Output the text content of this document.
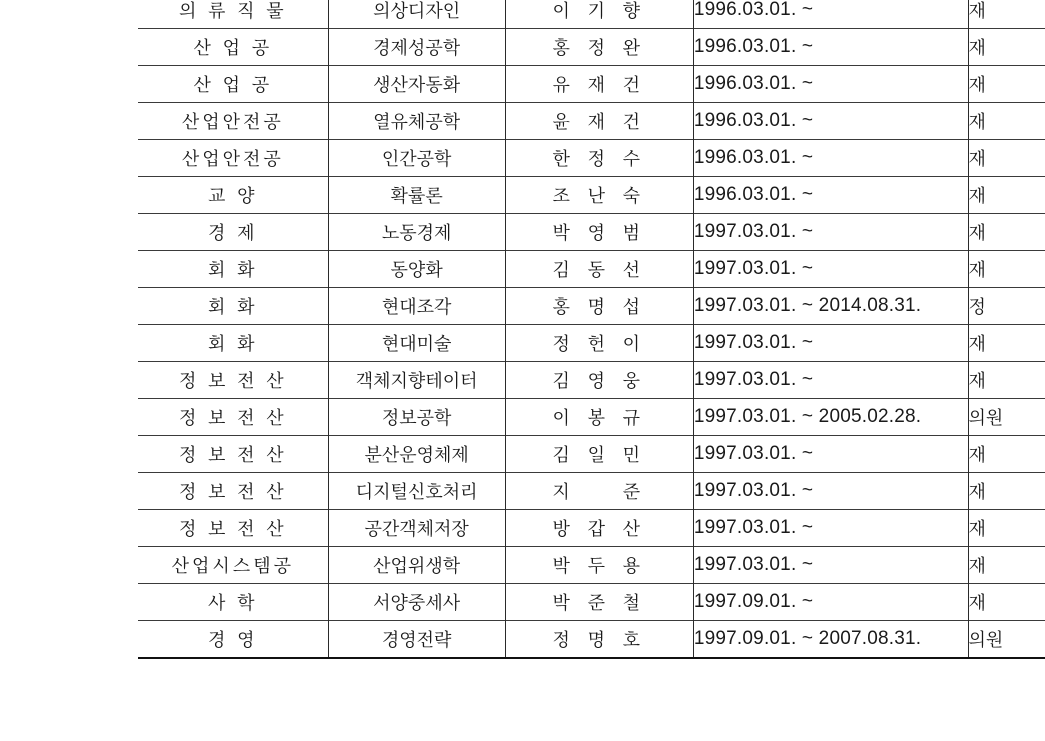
의 류 직 물	의상디자인	이 기 향	1996.03.01. ~	재
산 업 공	경제성공학	홍 정 완	1996.03.01. ~	재
산 업 공	생산자동화	유 재 건	1996.03.01. ~	재
산업안전공	열유체공학	윤 재 건	1996.03.01. ~	재
산업안전공	인간공학	한 정 수	1996.03.01. ~	재
교 양	확률론	조 난 숙	1996.03.01. ~	재
경 제	노동경제	박 영 범	1997.03.01. ~	재
회 화	동양화	김 동 선	1997.03.01. ~	재
회 화	현대조각	홍 명 섭	1997.03.01. ~ 2014.08.31.	정
회 화	현대미술	정 헌 이	1997.03.01. ~	재
정 보 전 산	객체지향테이터	김 영 웅	1997.03.01. ~	재
정 보 전 산	정보공학	이 봉 규	1997.03.01. ~ 2005.02.28.	의원
정 보 전 산	분산운영체제	김 일 민	1997.03.01. ~	재
정 보 전 산	디지털신호처리	지    준	1997.03.01. ~	재
정 보 전 산	공간객체저장	방 갑 산	1997.03.01. ~	재
산업시스템공	산업위생학	박 두 용	1997.03.01. ~	재
사 학	서양중세사	박 준 철	1997.09.01. ~	재
경 영	경영전략	정 명 호	1997.09.01. ~ 2007.08.31.	의원
